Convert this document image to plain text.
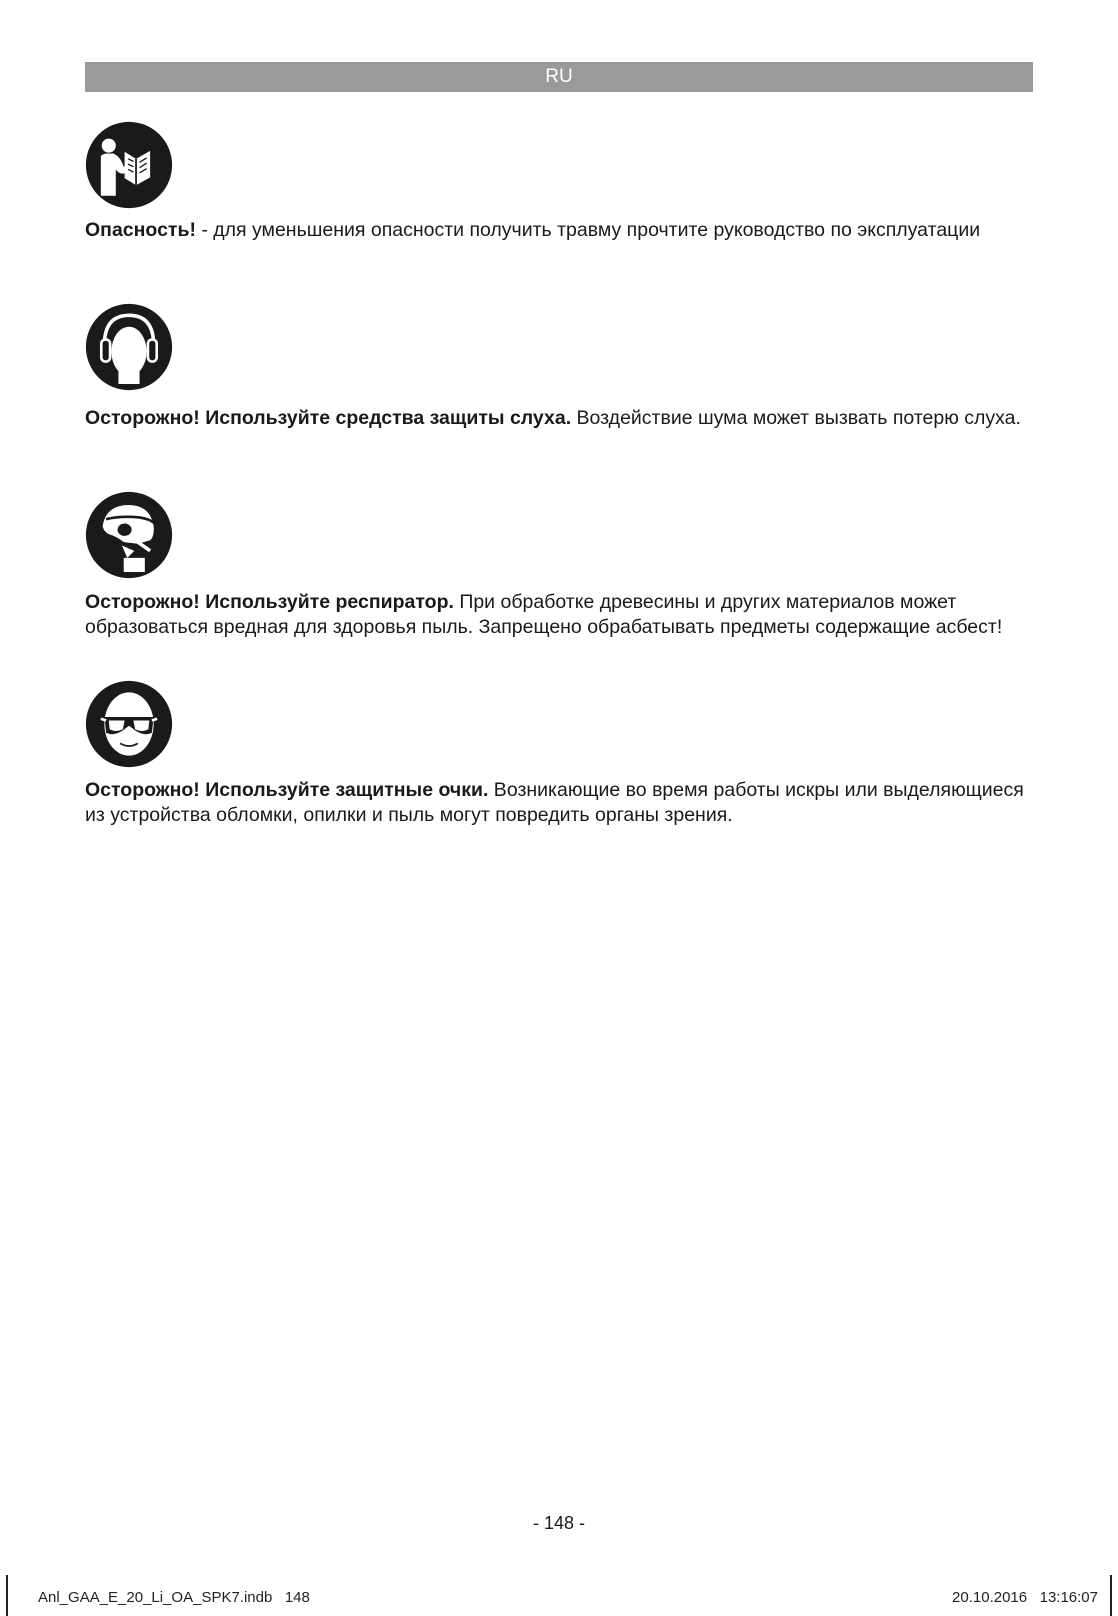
RU
Опасность! - для уменьшения опасности получить травму прочтите руководство по эксплуатации
Осторожно! Используйте средства защиты слуха. Воздействие шума может вызвать потерю слуха.
Осторожно! Используйте респиратор. При обработке древесины и других материалов может образоваться вредная для здоровья пыль. Запрещено обрабатывать предметы содержащие асбест!
Осторожно! Используйте защитные очки. Возникающие во время работы искры или выделяющиеся из устройства обломки, опилки и пыль могут повредить органы зрения.
- 148 -
Anl_GAA_E_20_Li_OA_SPK7.indb   148	20.10.2016   13:16:07
